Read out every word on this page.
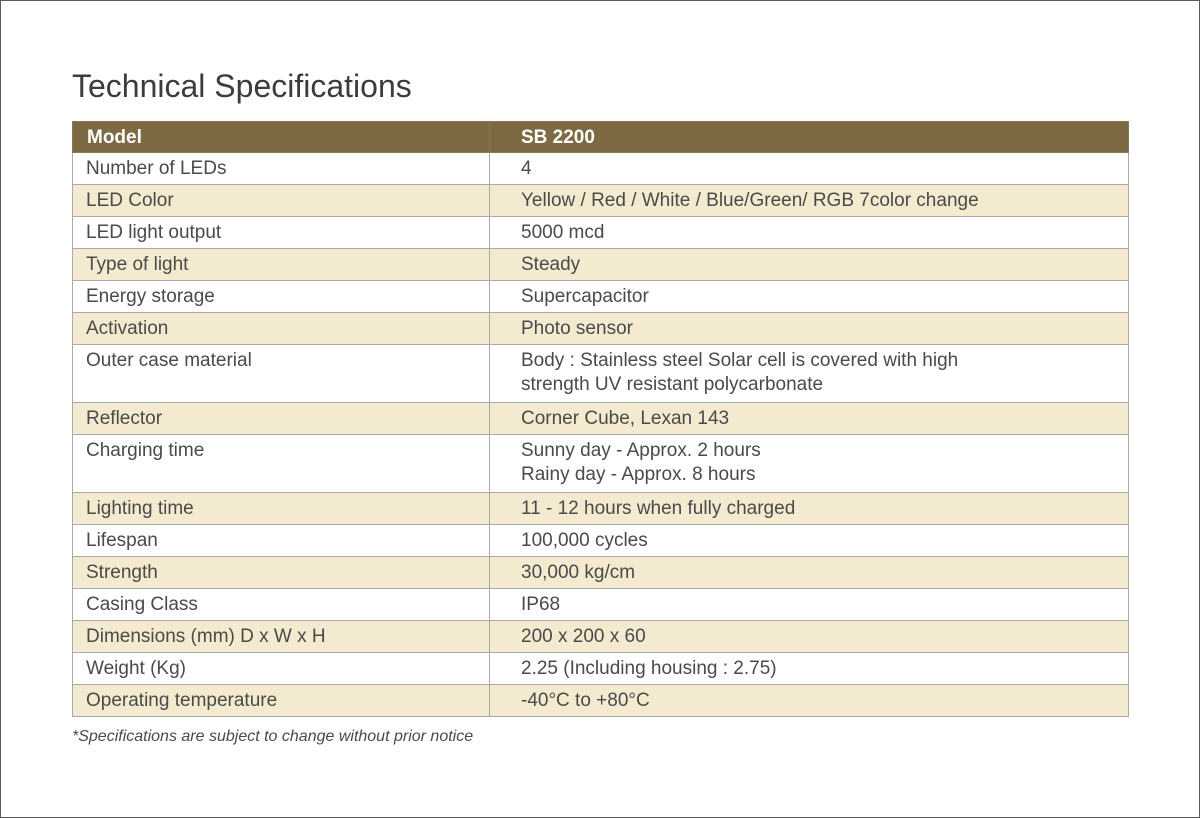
Technical Specifications
Model	SB 2200
Number of LEDs	4
LED Color	Yellow / Red / White / Blue/Green/ RGB 7color change
LED light output	5000 mcd
Type of light	Steady
Energy storage	Supercapacitor
Activation	Photo sensor
Outer case material	Body : Stainless steel Solar cell is covered with high
strength UV resistant polycarbonate
Reflector	Corner Cube, Lexan 143
Charging time	Sunny day - Approx. 2 hours
Rainy day - Approx. 8 hours
Lighting time	11 - 12 hours when fully charged
Lifespan	100,000 cycles
Strength	30,000 kg/cm
Casing Class	IP68
Dimensions (mm) D x W x H	200 x 200 x 60
Weight (Kg)	2.25 (Including housing : 2.75)
Operating temperature	-40°C to +80°C
*Specifications are subject to change without prior notice
